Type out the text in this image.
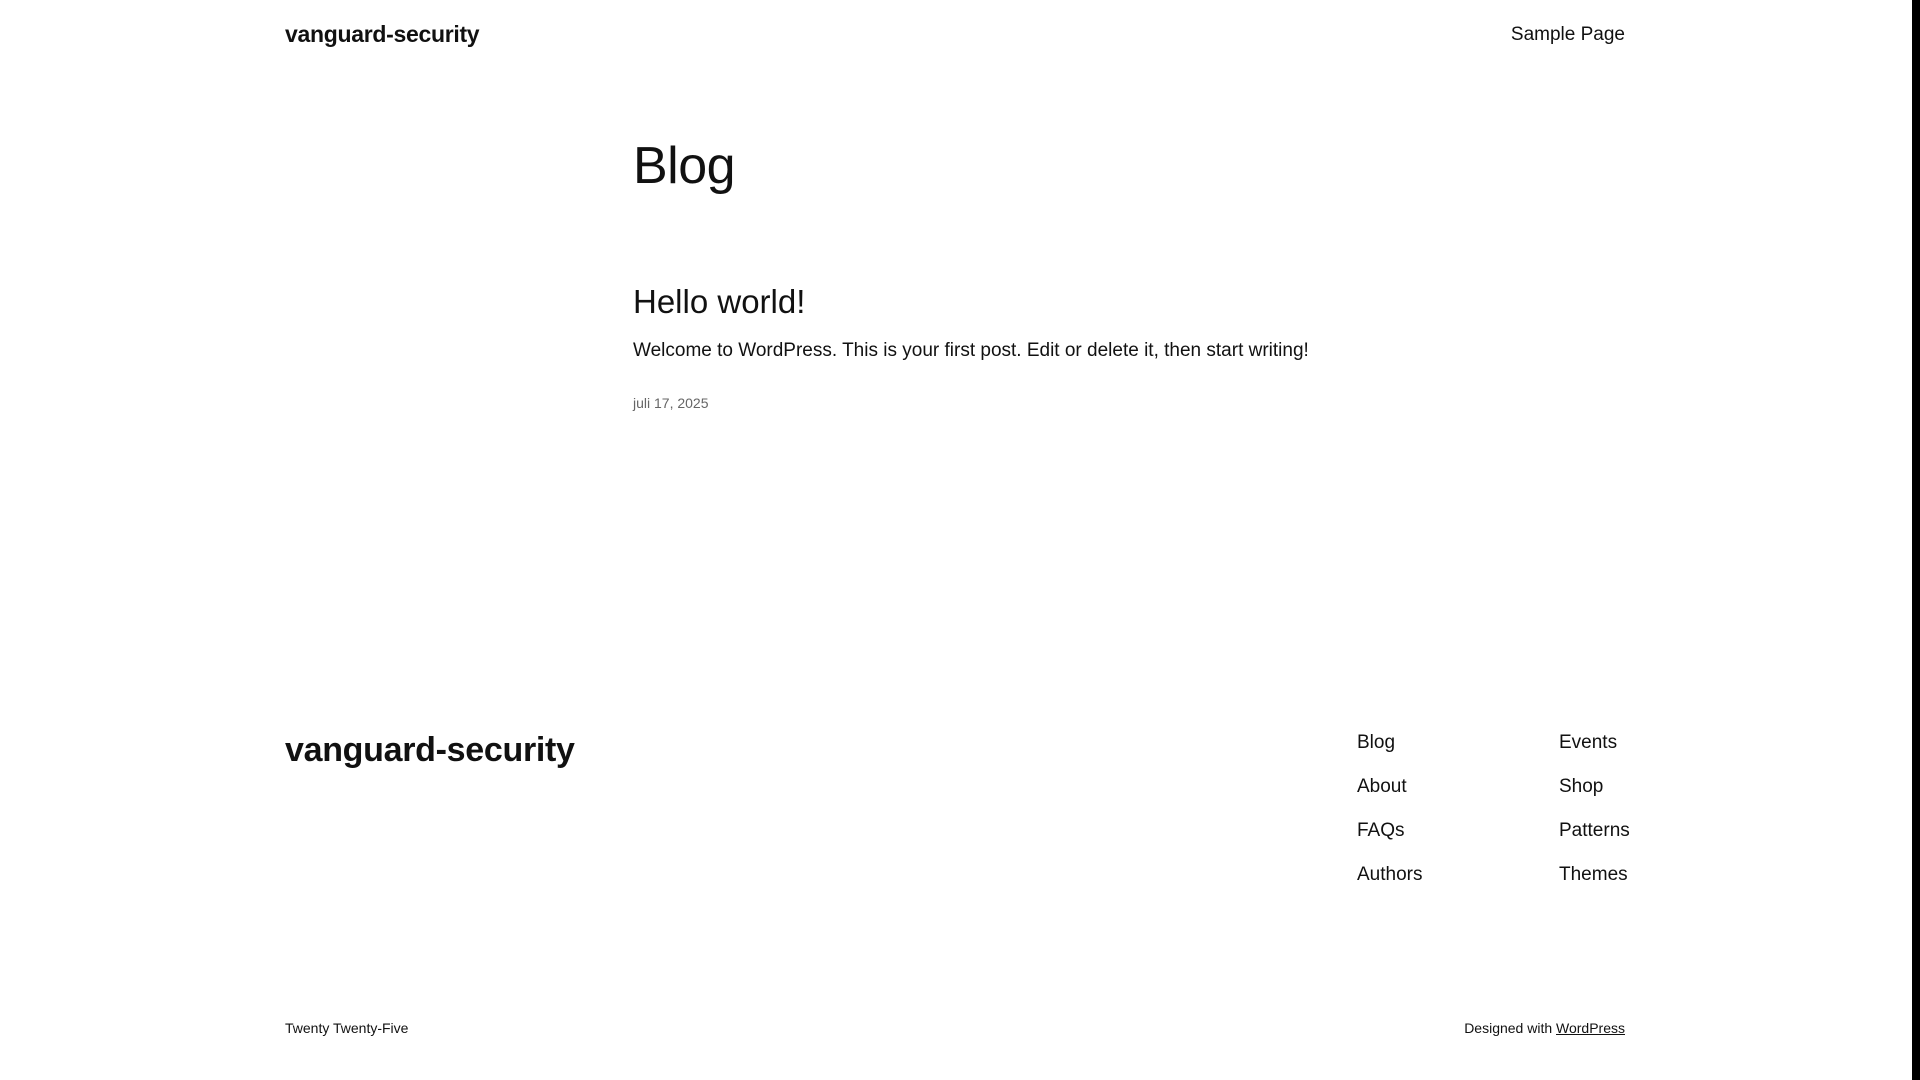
vanguard-security	Sample Page
Blog
Hello world!

Welcome to WordPress. This is your first post. Edit or delete it, then start writing!

juli 17, 2025

vanguard-security	Blog
About
FAQs
Authors
Events
Shop
Patterns
Themes
Twenty Twenty-Five	Designed with WordPress
